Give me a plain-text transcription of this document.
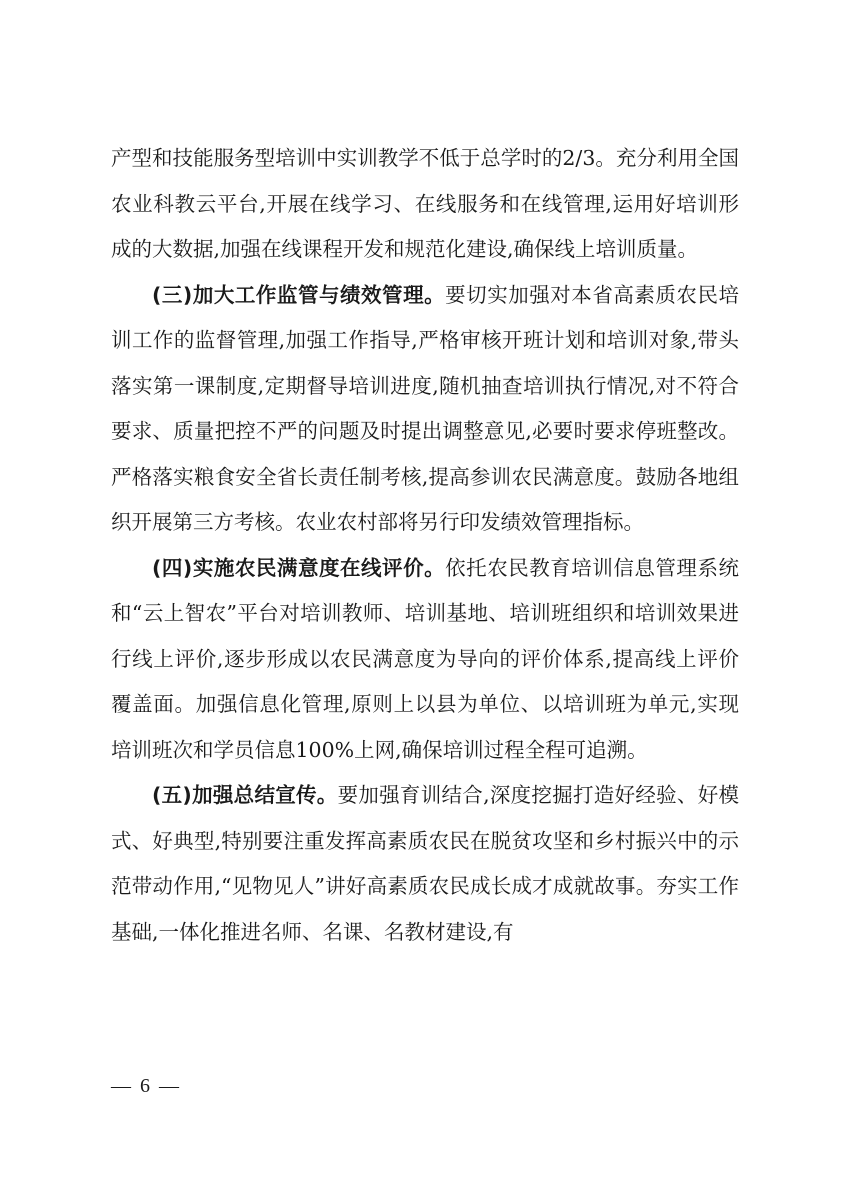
产型和技能服务型培训中实训教学不低于总学时的2/3。充分利用全国农业科教云平台,开展在线学习、在线服务和在线管理,运用好培训形成的大数据,加强在线课程开发和规范化建设,确保线上培训质量。

(三)加大工作监管与绩效管理。要切实加强对本省高素质农民培训工作的监督管理,加强工作指导,严格审核开班计划和培训对象,带头落实第一课制度,定期督导培训进度,随机抽查培训执行情况,对不符合要求、质量把控不严的问题及时提出调整意见,必要时要求停班整改。严格落实粮食安全省长责任制考核,提高参训农民满意度。鼓励各地组织开展第三方考核。农业农村部将另行印发绩效管理指标。

(四)实施农民满意度在线评价。依托农民教育培训信息管理系统和“云上智农”平台对培训教师、培训基地、培训班组织和培训效果进行线上评价,逐步形成以农民满意度为导向的评价体系,提高线上评价覆盖面。加强信息化管理,原则上以县为单位、以培训班为单元,实现培训班次和学员信息100%上网,确保培训过程全程可追溯。

(五)加强总结宣传。要加强育训结合,深度挖掘打造好经验、好模式、好典型,特别要注重发挥高素质农民在脱贫攻坚和乡村振兴中的示范带动作用,“见物见人”讲好高素质农民成长成才成就故事。夯实工作基础,一体化推进名师、名课、名教材建设,有

— 6 —
